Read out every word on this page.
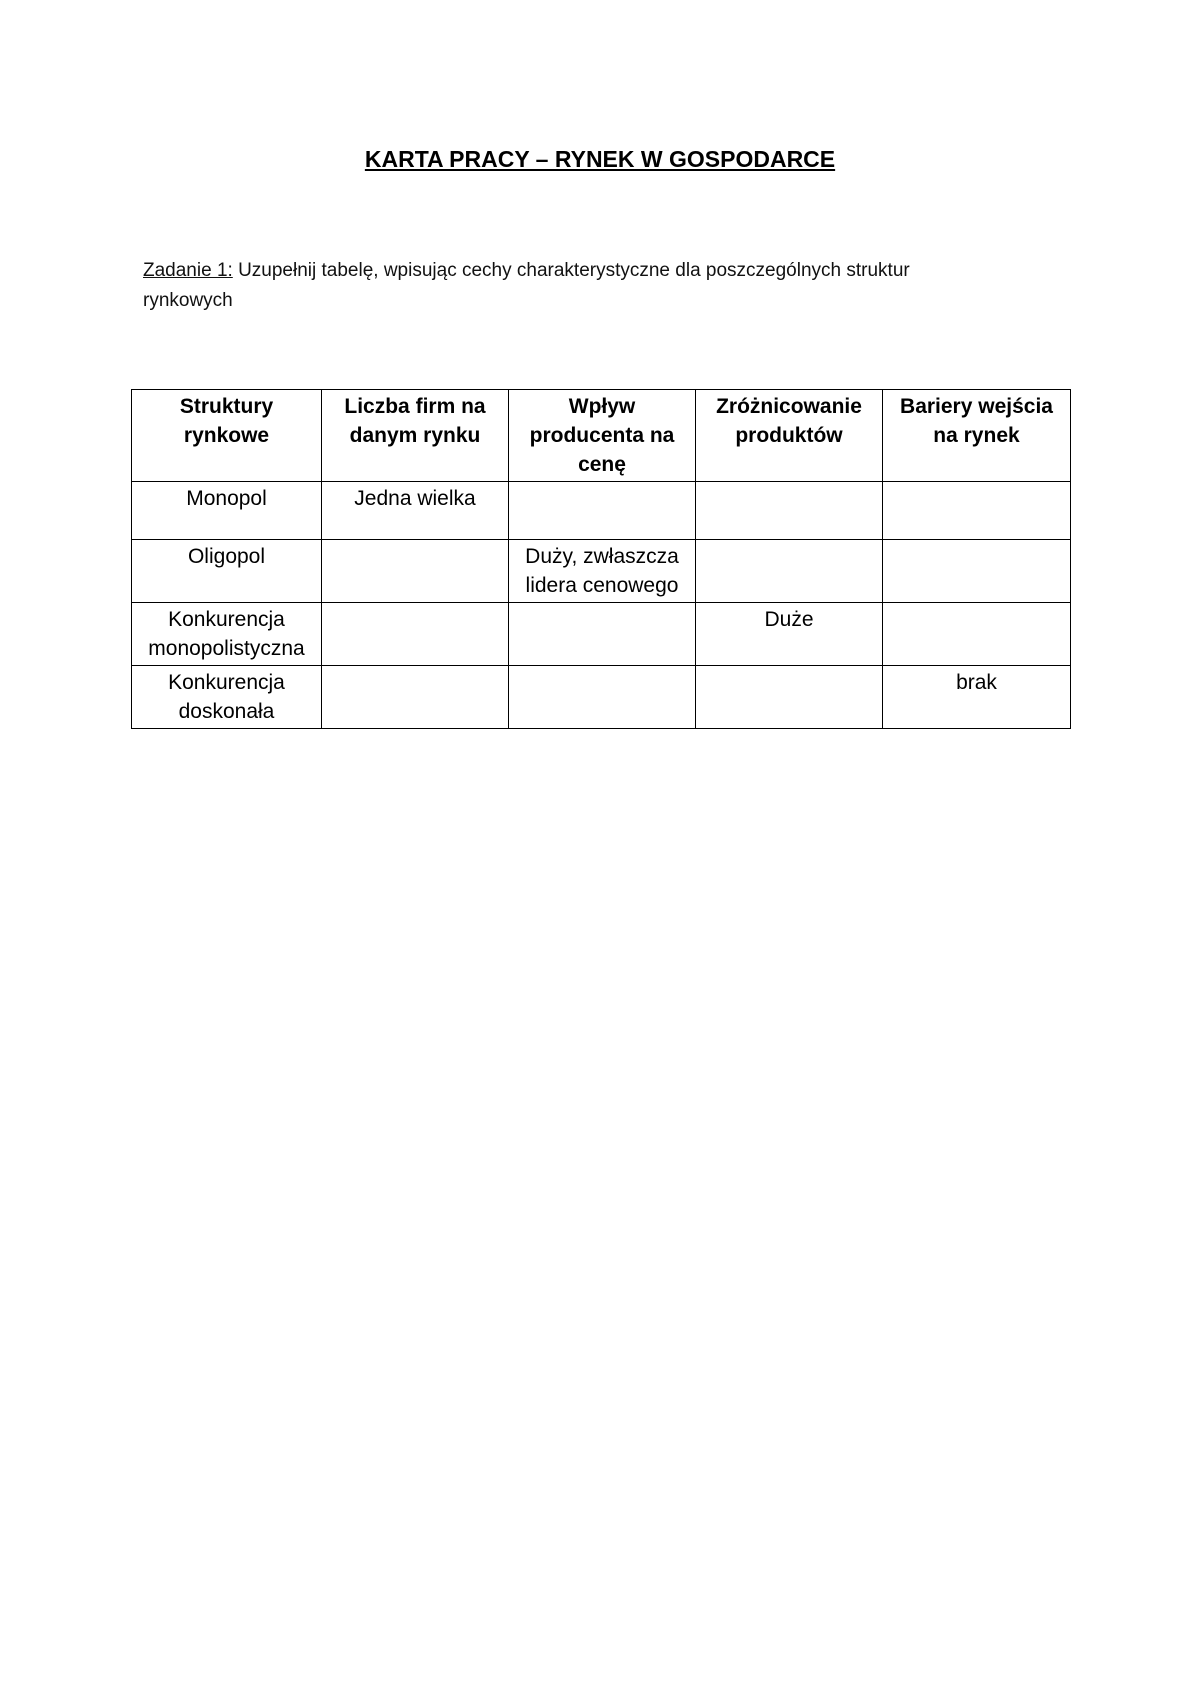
KARTA PRACY – RYNEK W GOSPODARCE
Zadanie 1: Uzupełnij tabelę, wpisując cechy charakterystyczne dla poszczególnych struktur rynkowych
Struktury rynkowe	Liczba firm na danym rynku	Wpływ producenta na cenę	Zróżnicowanie produktów	Bariery wejścia na rynek
Monopol	Jedna wielka			
Oligopol		Duży, zwłaszcza lidera cenowego		
Konkurencja monopolistyczna			Duże	
Konkurencja doskonała				brak
